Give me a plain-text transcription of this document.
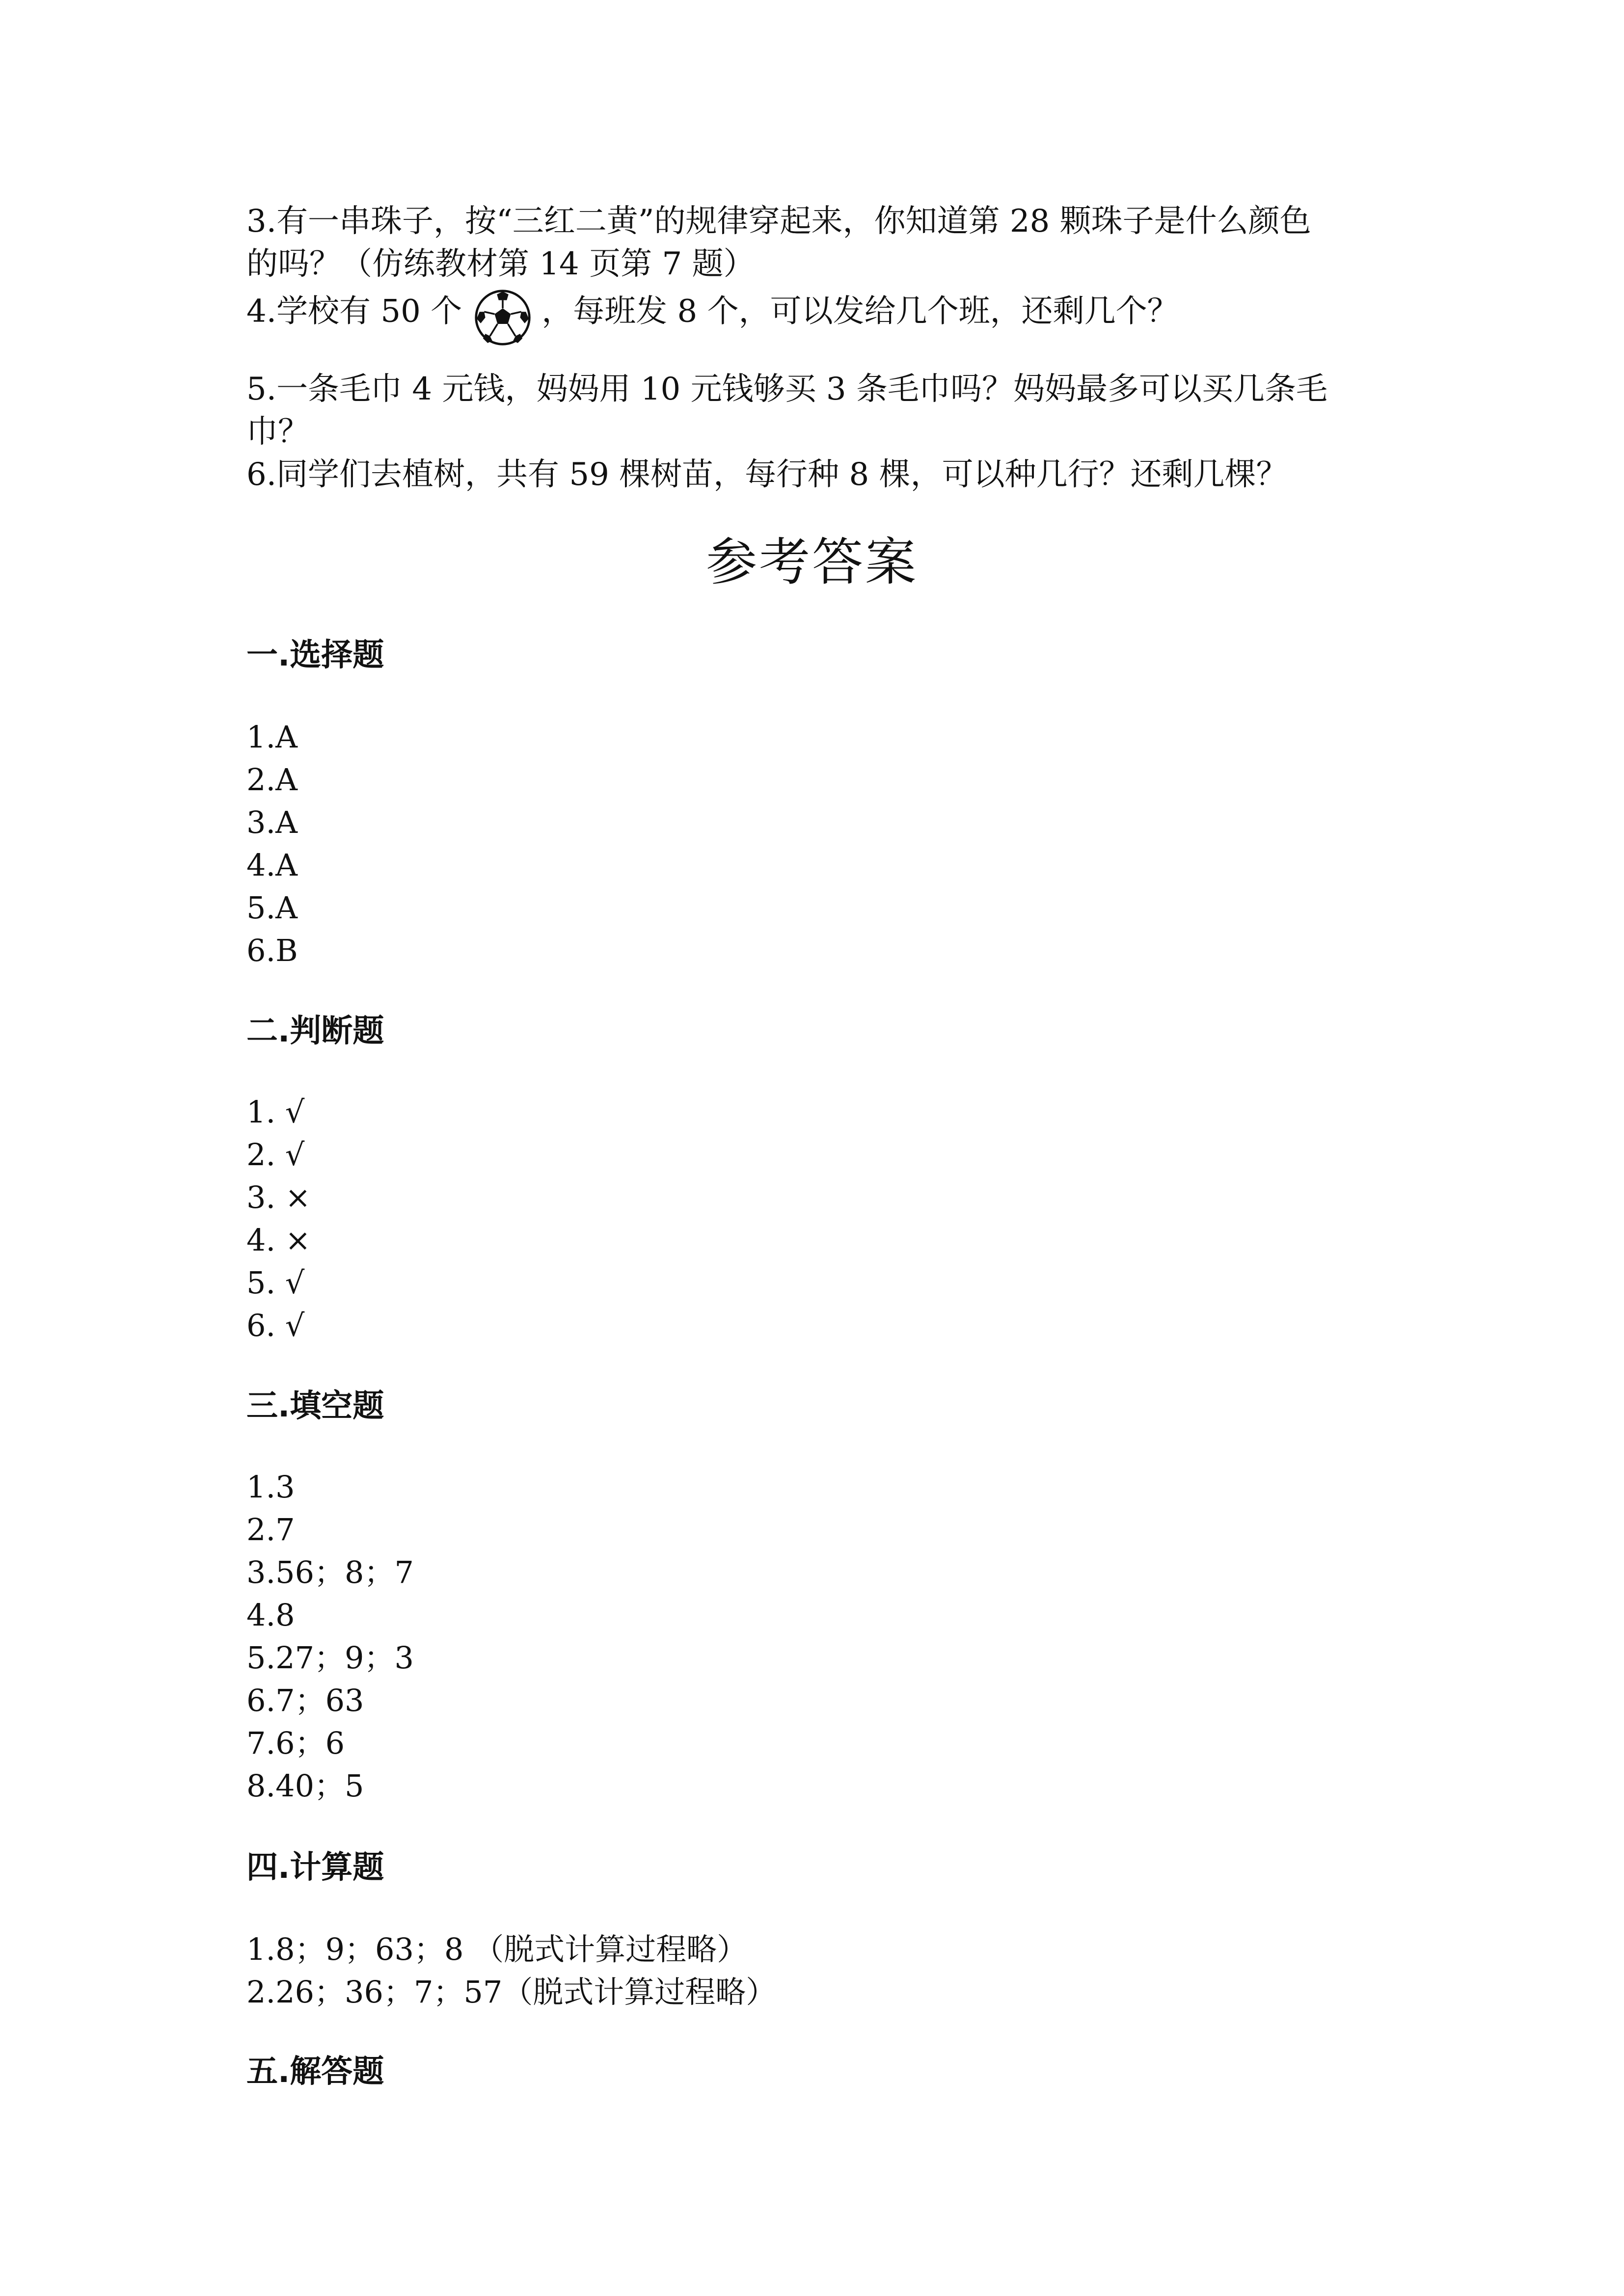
3.有一串珠子，按“三红二黄”的规律穿起来，你知道第 28 颗珠子是什么颜色
的吗？（仿练教材第 14 页第 7 题）
4.学校有 50 个	，每班发 8 个，可以发给几个班，还剩几个？
5.一条毛巾 4 元钱，妈妈用 10 元钱够买 3 条毛巾吗？妈妈最多可以买几条毛
巾？
6.同学们去植树，共有 59 棵树苗，每行种 8 棵，可以种几行？还剩几棵？
参考答案
一.选择题
1.A
2.A
3.A
4.A
5.A
6.B
二.判断题
1. √
2. √
3. ×
4. ×
5. √
6. √
三.填空题
1.3
2.7
3.56；8；7
4.8
5.27；9；3
6.7；63
7.6；6
8.40；5
四.计算题
1.8；9；63；8 （脱式计算过程略）
2.26；36；7；57（脱式计算过程略）
五.解答题
